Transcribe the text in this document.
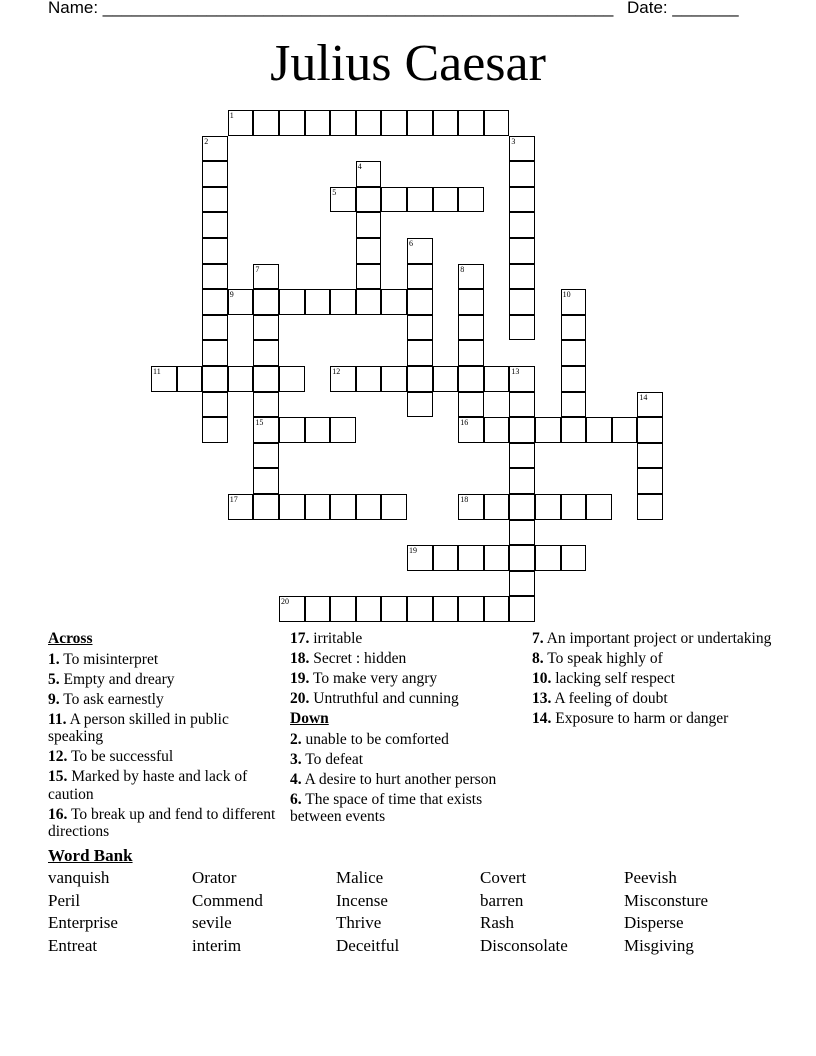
Name: ______________________________________________________ Date: _______
Julius Caesar
1
2	3
4
5
6
7
15
8
16
9	10
11	12	13
14
17	18
19
20
Across
1. To misinterpret
5. Empty and dreary
9. To ask earnestly
11. A person skilled in public speaking
12. To be successful
15. Marked by haste and lack of caution
16. To break up and fend to different directions
17. irritable
18. Secret : hidden
19. To make very angry
20. Untruthful and cunning
Down
2. unable to be comforted
3. To defeat
4. A desire to hurt another person
6. The space of time that exists between events
7. An important project or undertaking
8. To speak highly of
10. lacking self respect
13. A feeling of doubt
14. Exposure to harm or danger
Word Bank
vanquish	Orator	Malice	Covert	Peevish
Peril	Commend	Incense	barren	Misconsture
Enterprise	sevile	Thrive	Rash	Disperse
Entreat	interim	Deceitful	Disconsolate	Misgiving
